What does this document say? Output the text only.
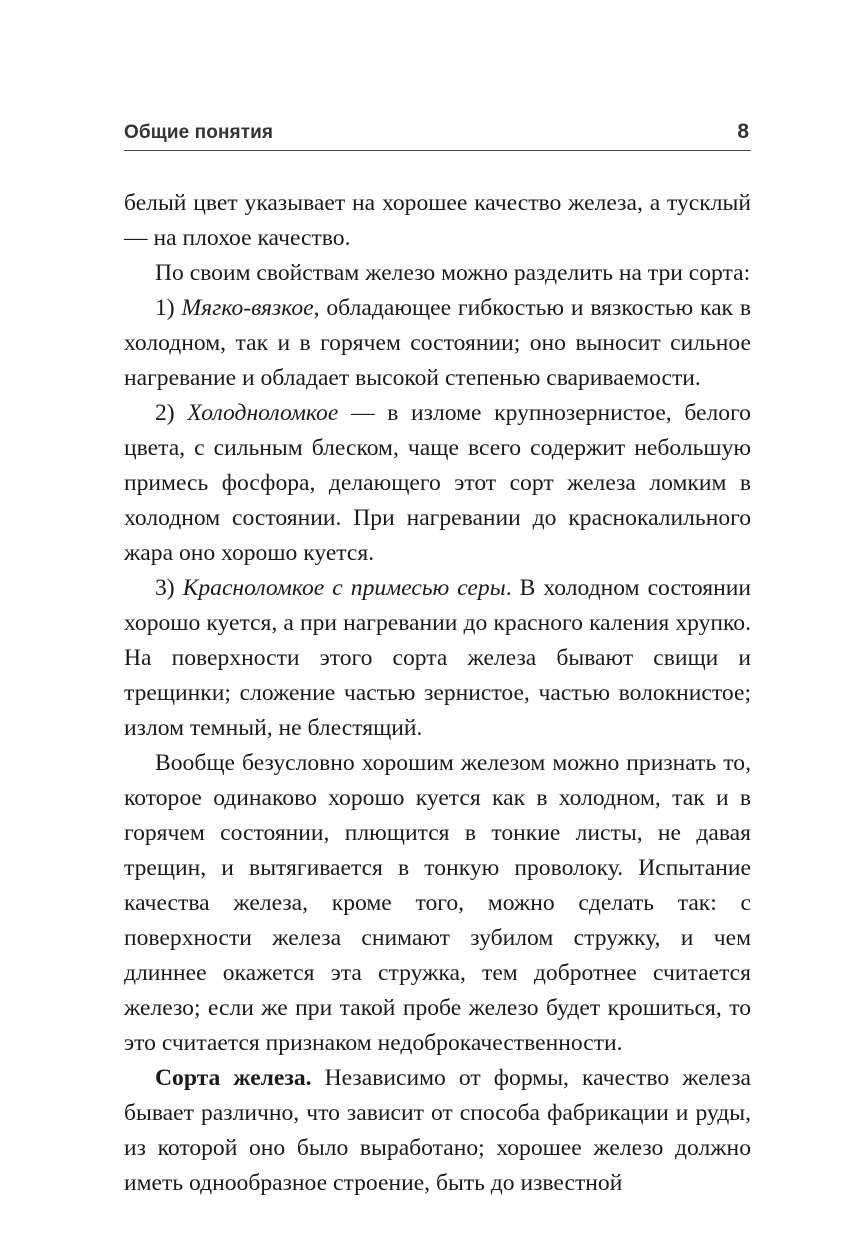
Общие понятия	8

белый цвет указывает на хорошее качество железа, а тусклый — на плохое качество.

По своим свойствам железо можно разделить на три сорта:

1) Мягко-вязкое, обладающее гибкостью и вязкостью как в холодном, так и в горячем состоянии; оно выносит сильное нагревание и обладает высокой степенью свариваемости.

2) Холодноломкое — в изломе крупнозернистое, белого цвета, с сильным блеском, чаще всего содержит небольшую примесь фосфора, делающего этот сорт железа ломким в холодном состоянии. При нагревании до краснокалильного жара оно хорошо куется.

3) Красноломкое с примесью серы. В холодном состоянии хорошо куется, а при нагревании до красного каления хрупко. На поверхности этого сорта железа бывают свищи и трещинки; сложение частью зернистое, частью волокнистое; излом темный, не блестящий.

Вообще безусловно хорошим железом можно признать то, которое одинаково хорошо куется как в холодном, так и в горячем состоянии, плющится в тонкие листы, не давая трещин, и вытягивается в тонкую проволоку. Испытание качества железа, кроме того, можно сделать так: с поверхности железа снимают зубилом стружку, и чем длиннее окажется эта стружка, тем добротнее считается железо; если же при такой пробе железо будет крошиться, то это считается признаком недоброкачественности.

Сорта железа. Независимо от формы, качество железа бывает различно, что зависит от способа фабрикации и руды, из которой оно было выработано; хорошее железо должно иметь однообразное строение, быть до известной
